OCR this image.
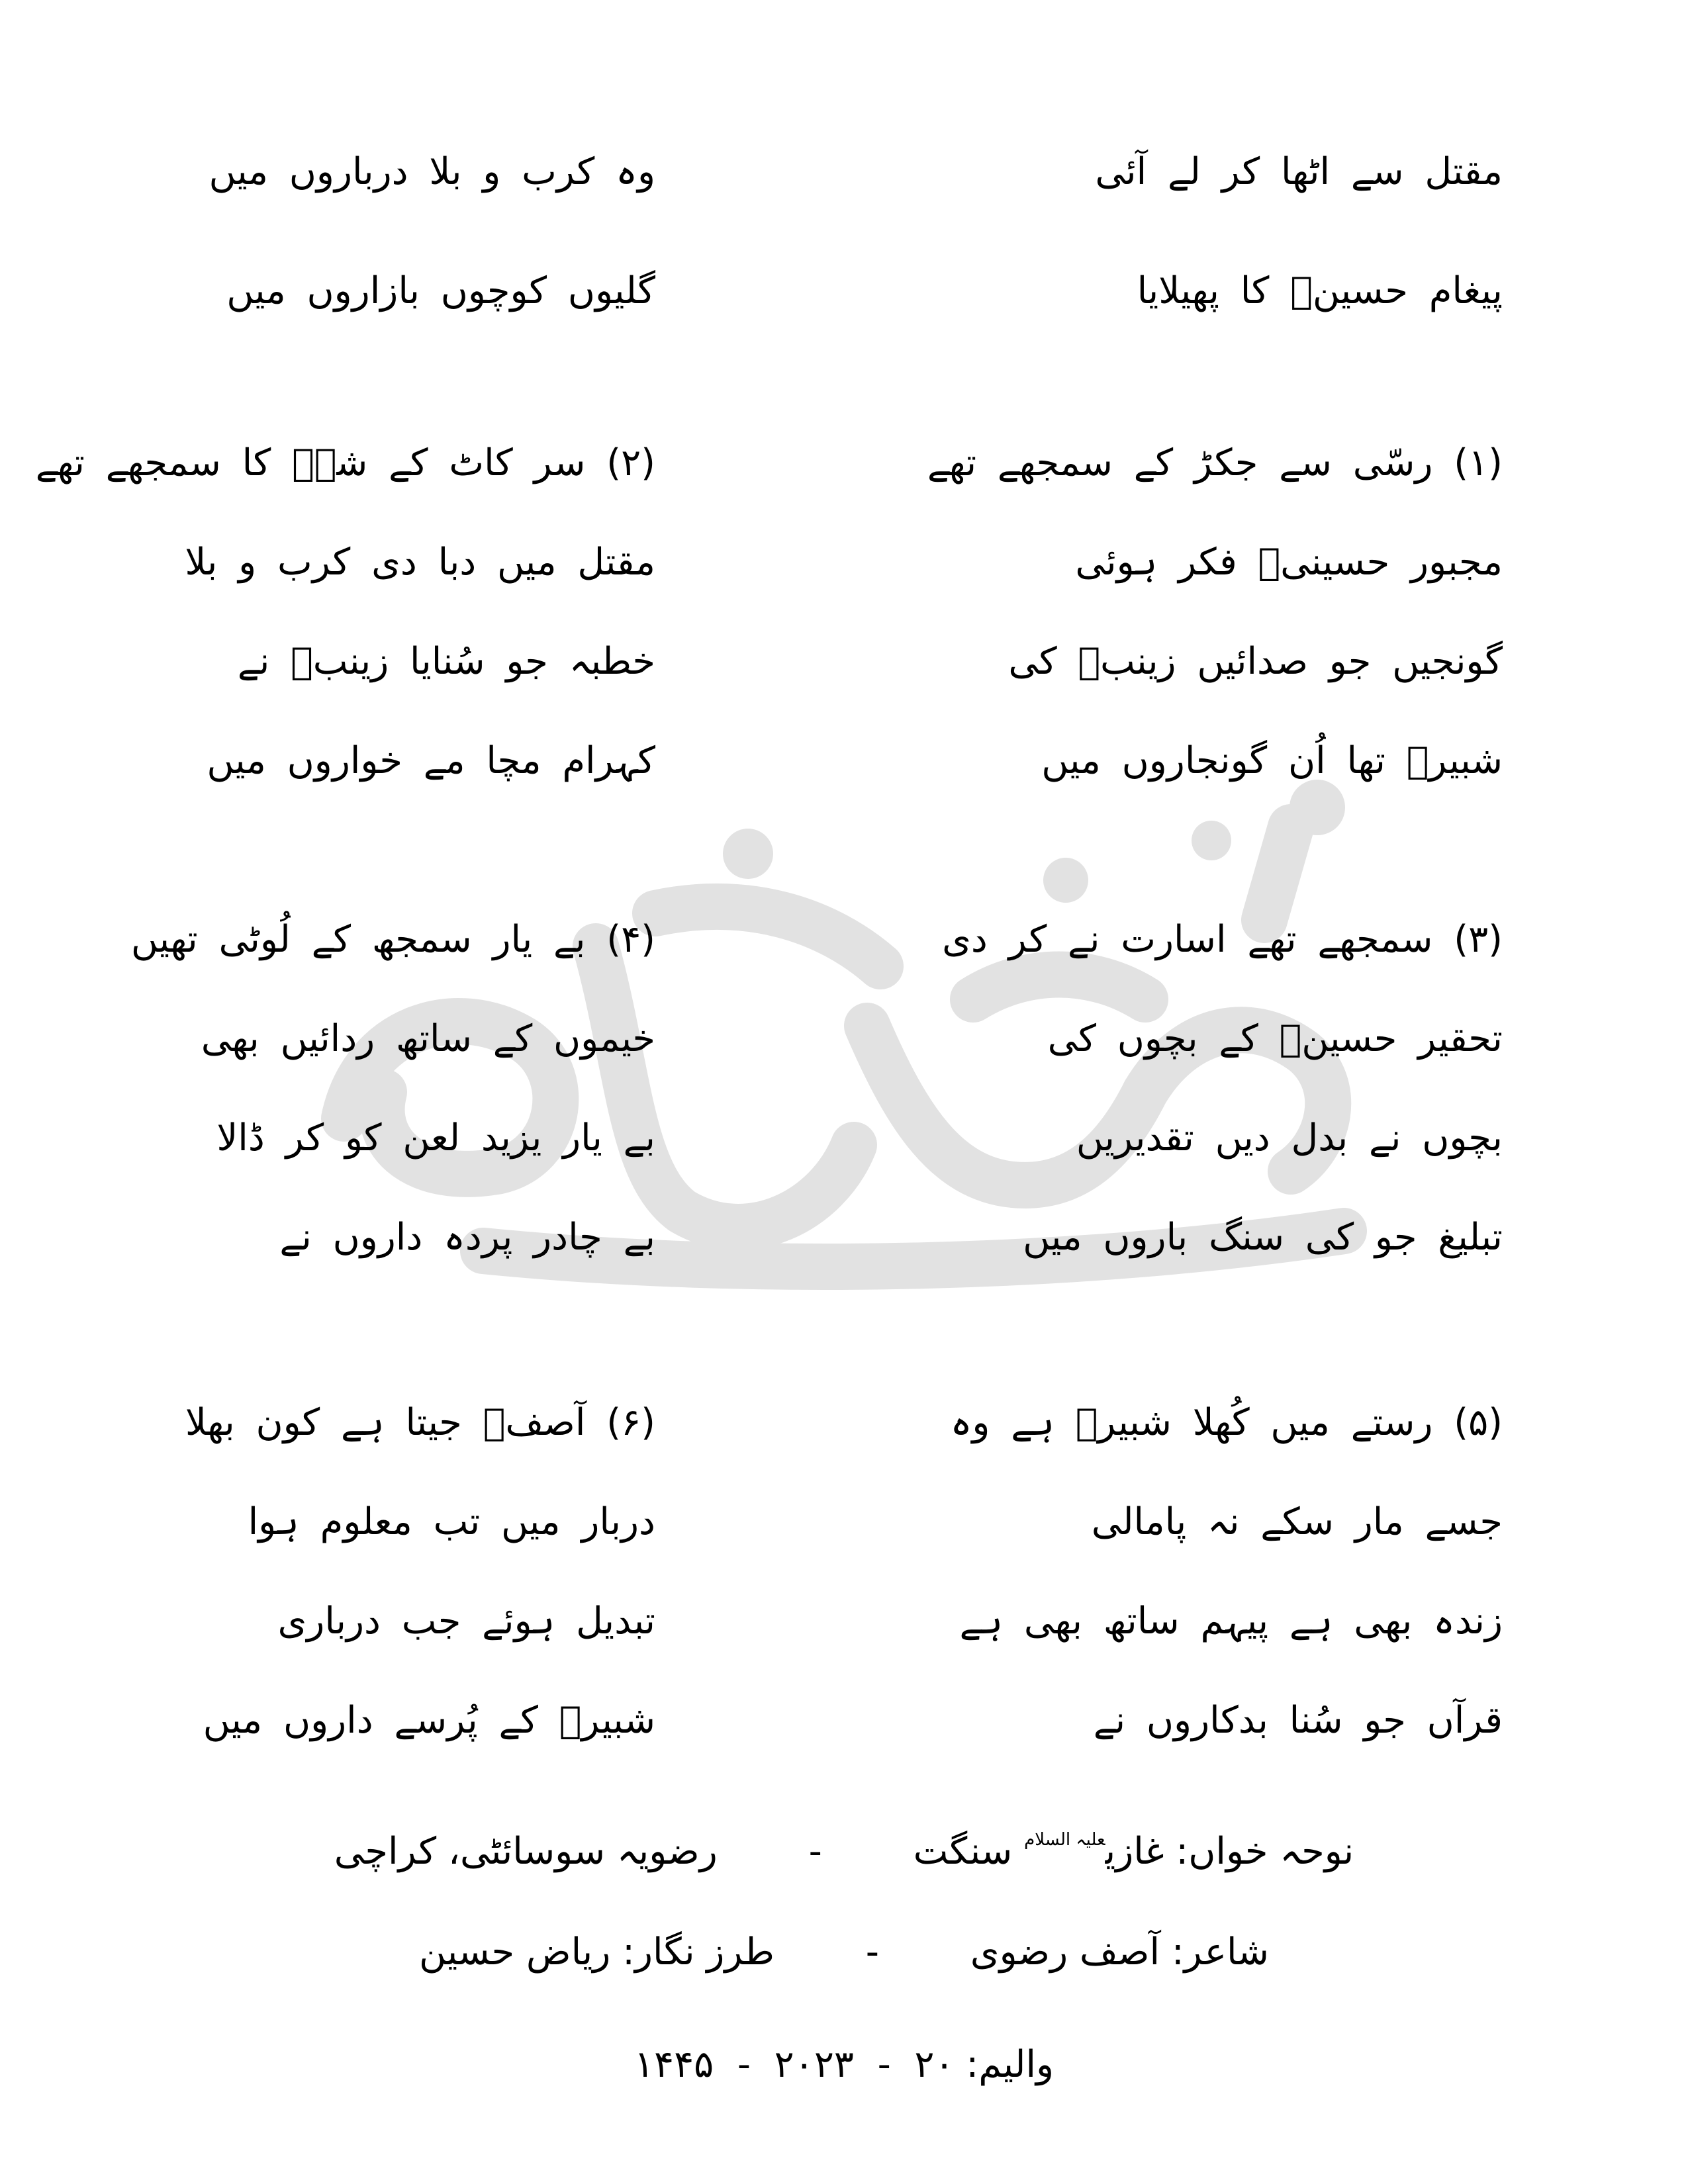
مقتل سے اٹھا کر لے آئی
پیغام حسینؑ کا پھیلایا
وہ کرب و بلا درباروں میں
گلیوں کوچوں بازاروں میں
(۱) رسّی سے جکڑ کے سمجھے تھے
مجبور حسینیؑ فکر ہوئی
گونجیں جو صدائیں زینبؑ کی
شبیرؑ تھا اُن گونجاروں میں
(۲) سر کاٹ کے شہؑ کا سمجھے تھے
مقتل میں دبا دی کرب و بلا
خطبہ جو سُنایا زینبؑ نے
کہرام مچا مے خواروں میں
(۳) سمجھے تھے اسارت نے کر دی
تحقیر حسینؑ کے بچوں کی
بچوں نے بدل دیں تقدیریں
تبلیغ جو کی سنگ باروں میں
(۴) بے یار سمجھ کے لُوٹی تھیں
خیموں کے ساتھ ردائیں بھی
بے یار یزید لعن کو کر ڈالا
بے چادر پردہ داروں نے
(۵) رستے میں کُھلا شبیرؑ ہے وہ
جسے مار سکے نہ پامالی
زندہ بھی ہے پیہم ساتھ بھی ہے
قرآں جو سُنا بدکاروں نے
(۶) آصفؔ جیتا ہے کون بھلا
دربار میں تب معلوم ہوا
تبدیل ہوئے جب درباری
شبیرؑ کے پُرسے داروں میں
نوحہ خواں: غازی$^{علیہ السلام}$ سنگت - رضویہ سوسائٹی، کراچی
شاعر: آصف رضوی - طرز نگار: ریاض حسین
والیم: ۲۰  -  ۲۰۲۳  -  ۱۴۴۵
